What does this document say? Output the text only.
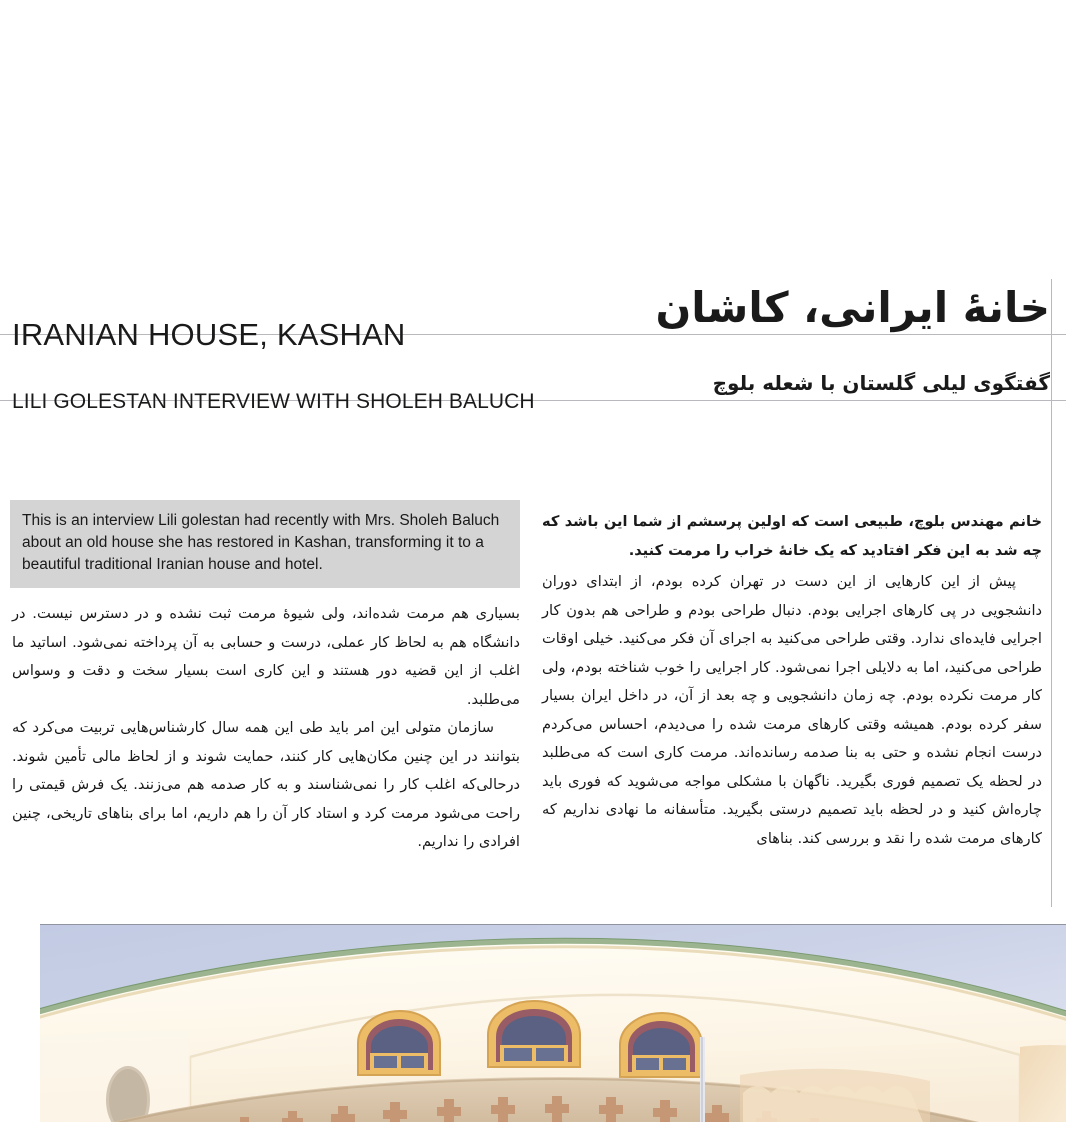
IRANIAN HOUSE, KASHAN
LILI GOLESTAN INTERVIEW WITH SHOLEH BALUCH
خانۀ ایرانی، کاشان
گفتگوی لیلی گلستان با شعله بلوچ
This is an interview Lili golestan had recently with Mrs. Sholeh Baluch about an old house she has restored in Kashan, transforming it to a beautiful traditional Iranian house and hotel.

بسیاری هم مرمت شده‌اند، ولی شیوۀ مرمت ثبت نشده و در دسترس نیست. در دانشگاه هم به لحاظ کار عملی، درست و حسابی به آن پرداخته نمی‌شود. اساتید ما اغلب از این قضیه دور هستند و این کاری است بسیار سخت و دقت و وسواس می‌طلبد.

سازمان متولی این امر باید طی این همه سال کارشناس‌هایی تربیت می‌کرد که بتوانند در این چنین مکان‌هایی کار کنند، حمایت شوند و از لحاظ مالی تأمین شوند. درحالی‌که اغلب کار را نمی‌شناسند و به کار صدمه هم می‌زنند. یک فرش قیمتی را راحت می‌شود مرمت کرد و استاد کار آن را هم داریم، اما برای بناهای تاریخی، چنین افرادی را نداریم.

خانم مهندس بلوچ، طبیعی است که اولین پرسشم از شما این باشد که چه شد به این فکر افتادید که یک خانۀ خراب را مرمت کنید.

پیش از این کارهایی از این دست در تهران کرده بودم، از ابتدای دوران دانشجویی در پی کارهای اجرایی بودم. دنبال طراحی بودم و طراحی هم بدون کار اجرایی فایده‌ای ندارد. وقتی طراحی می‌کنید به اجرای آن فکر می‌کنید. خیلی اوقات طراحی می‌کنید، اما به دلایلی اجرا نمی‌شود. کار اجرایی را خوب شناخته بودم، ولی کار مرمت نکرده بودم. چه زمان دانشجویی و چه بعد از آن، در داخل ایران بسیار سفر کرده بودم. همیشه وقتی کارهای مرمت شده را می‌دیدم، احساس می‌کردم درست انجام نشده و حتی به بنا صدمه رسانده‌اند. مرمت کاری است که می‌طلبد در لحظه یک تصمیم فوری بگیرید. ناگهان با مشکلی مواجه می‌شوید که فوری باید چاره‌اش کنید و در لحظه باید تصمیم درستی بگیرید. متأسفانه ما نهادی نداریم که کارهای مرمت شده را نقد و بررسی کند. بناهای
